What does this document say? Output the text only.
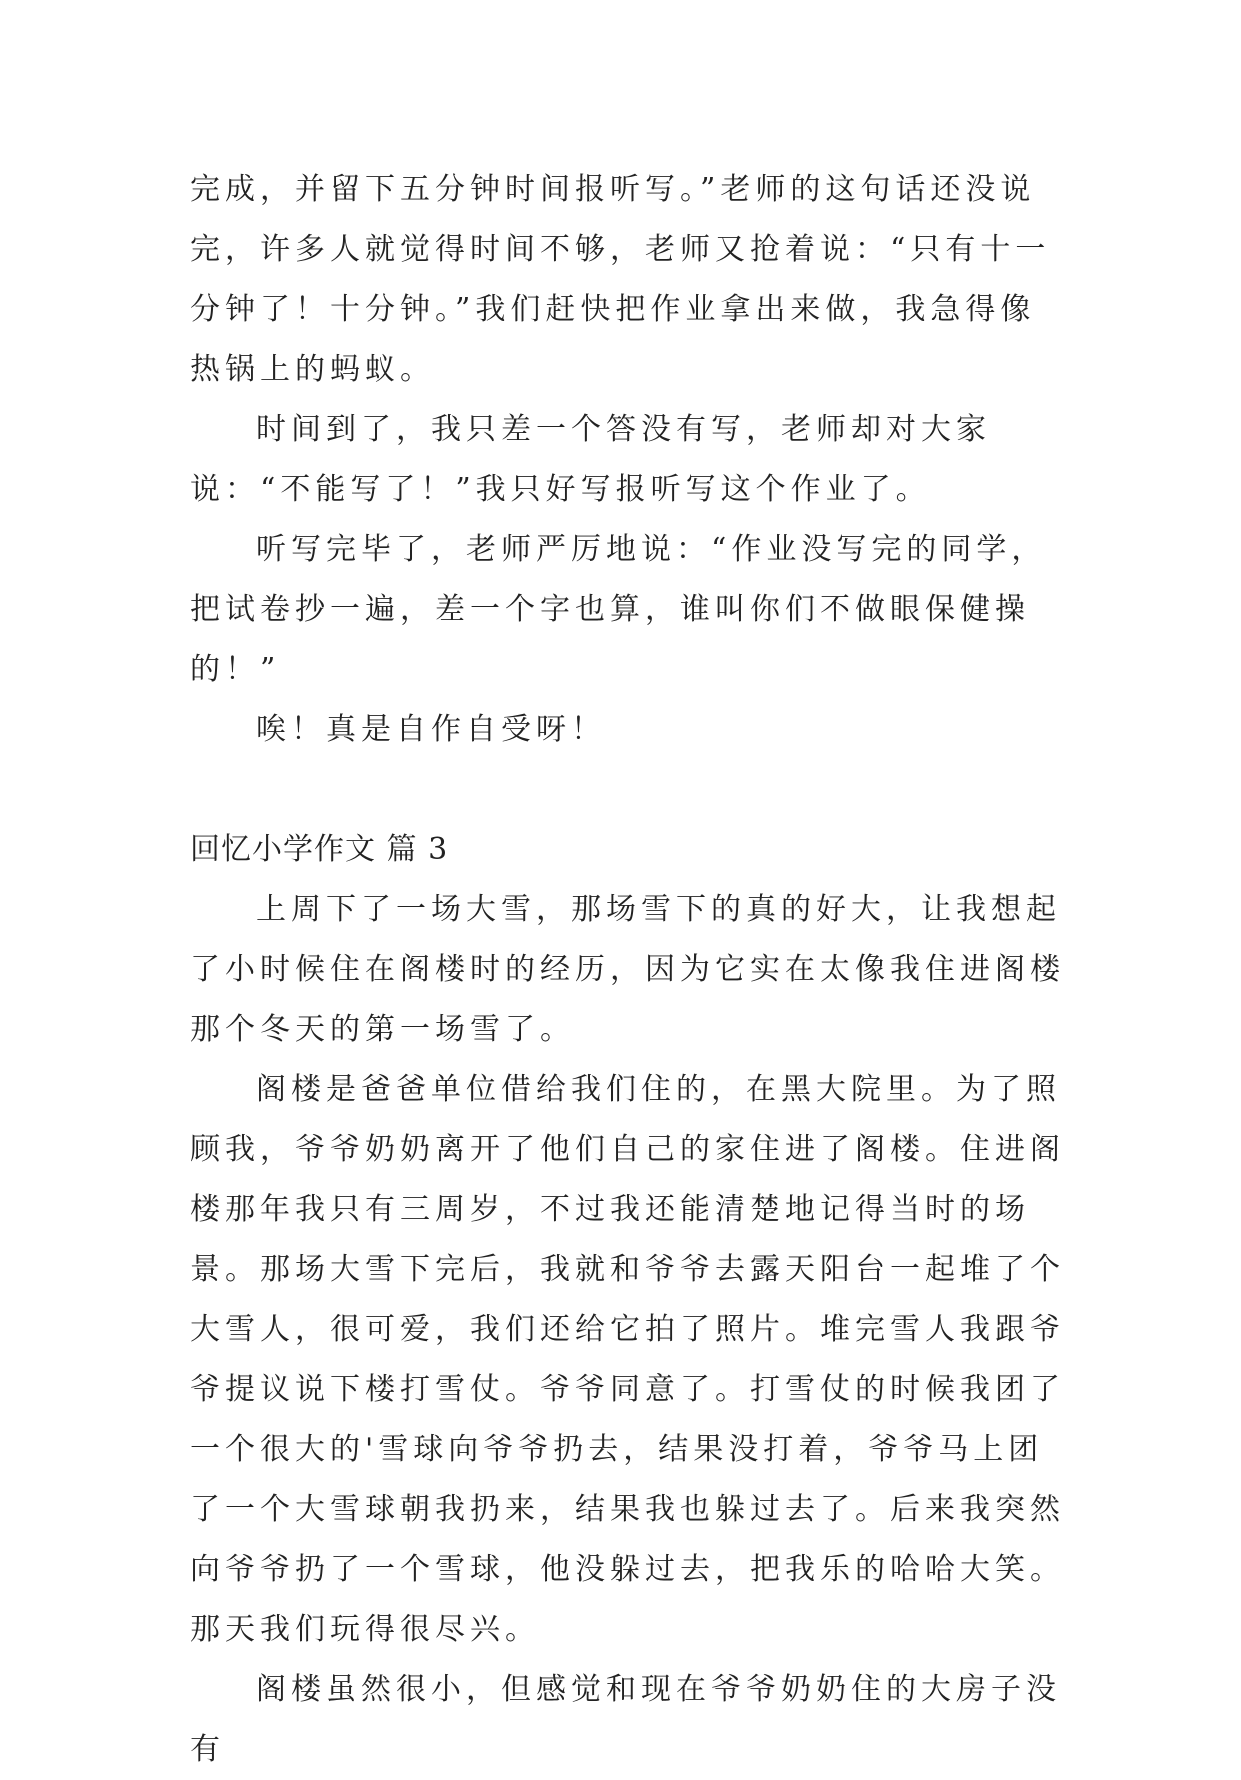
完成，并留下五分钟时间报听写。”老师的这句话还没说完，许多人就觉得时间不够，老师又抢着说：“只有十一分钟了！十分钟。”我们赶快把作业拿出来做，我急得像热锅上的蚂蚁。

时间到了，我只差一个答没有写，老师却对大家说：“不能写了！”我只好写报听写这个作业了。

听写完毕了，老师严厉地说：“作业没写完的同学，把试卷抄一遍，差一个字也算，谁叫你们不做眼保健操的！”

唉！真是自作自受呀！

回忆小学作文 篇 3

上周下了一场大雪，那场雪下的真的好大，让我想起了小时候住在阁楼时的经历，因为它实在太像我住进阁楼那个冬天的第一场雪了。

阁楼是爸爸单位借给我们住的，在黑大院里。为了照顾我，爷爷奶奶离开了他们自己的家住进了阁楼。住进阁楼那年我只有三周岁，不过我还能清楚地记得当时的场景。那场大雪下完后，我就和爷爷去露天阳台一起堆了个大雪人，很可爱，我们还给它拍了照片。堆完雪人我跟爷爷提议说下楼打雪仗。爷爷同意了。打雪仗的时候我团了一个很大的'雪球向爷爷扔去，结果没打着，爷爷马上团了一个大雪球朝我扔来，结果我也躲过去了。后来我突然向爷爷扔了一个雪球，他没躲过去，把我乐的哈哈大笑。那天我们玩得很尽兴。

阁楼虽然很小，但感觉和现在爷爷奶奶住的大房子没有
